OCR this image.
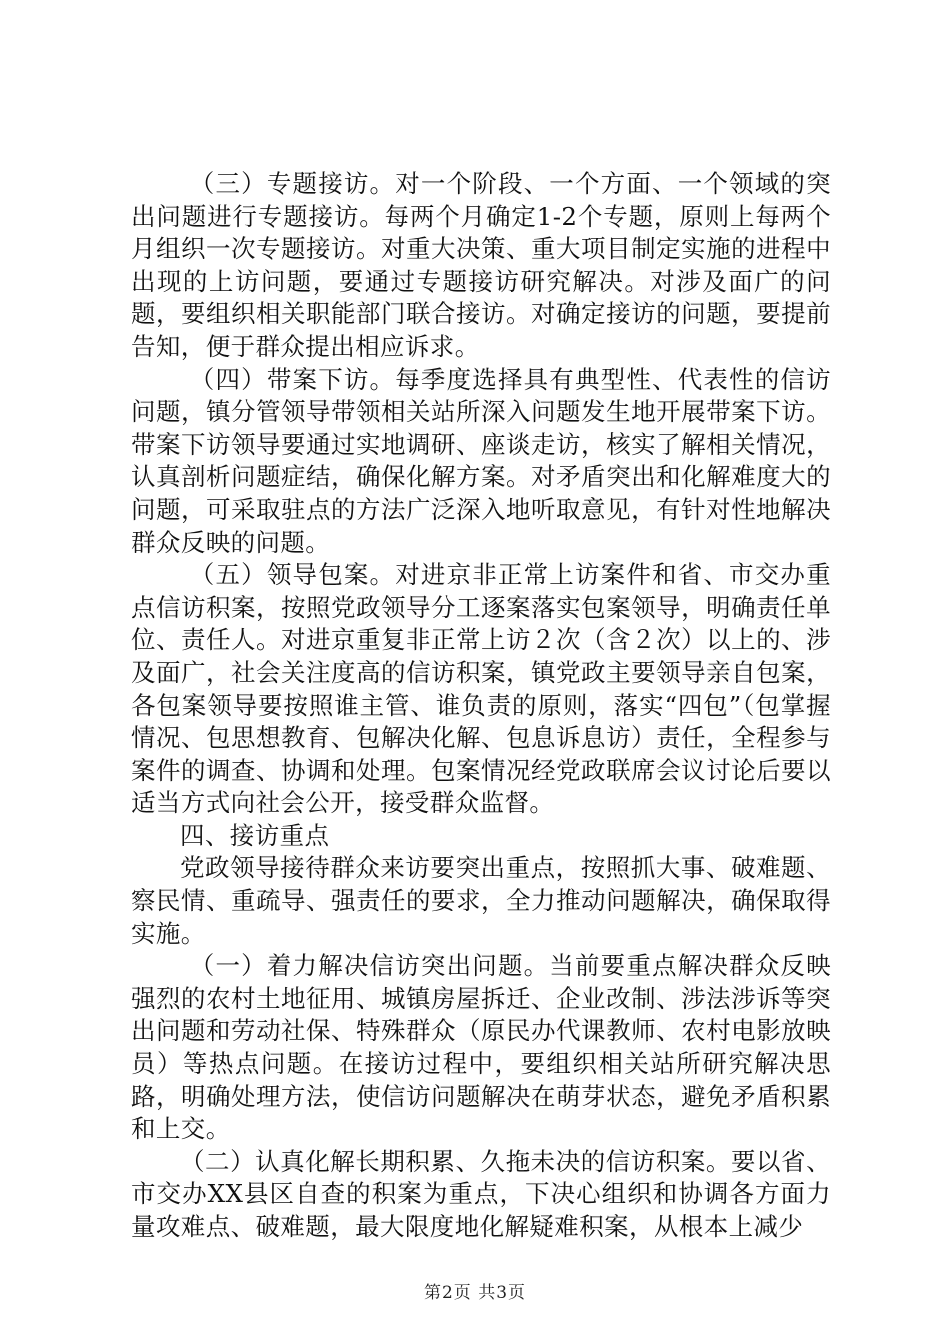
（三）专题接访。对一个阶段、一个方面、一个领域的突出问题进行专题接访。每两个月确定1-2个专题，原则上每两个月组织一次专题接访。对重大决策、重大项目制定实施的进程中出现的上访问题，要通过专题接访研究解决。对涉及面广的问题，要组织相关职能部门联合接访。对确定接访的问题，要提前告知，便于群众提出相应诉求。

（四）带案下访。每季度选择具有典型性、代表性的信访问题，镇分管领导带领相关站所深入问题发生地开展带案下访。带案下访领导要通过实地调研、座谈走访，核实了解相关情况，认真剖析问题症结，确保化解方案。对矛盾突出和化解难度大的问题，可采取驻点的方法广泛深入地听取意见，有针对性地解决群众反映的问题。

（五）领导包案。对进京非正常上访案件和省、市交办重点信访积案，按照党政领导分工逐案落实包案领导，明确责任单位、责任人。对进京重复非正常上访２次（含２次）以上的、涉及面广，社会关注度高的信访积案，镇党政主要领导亲自包案，各包案领导要按照谁主管、谁负责的原则，落实“四包”（包掌握情况、包思想教育、包解决化解、包息诉息访）责任，全程参与案件的调查、协调和处理。包案情况经党政联席会议讨论后要以适当方式向社会公开，接受群众监督。

四、接访重点

党政领导接待群众来访要突出重点，按照抓大事、破难题、察民情、重疏导、强责任的要求，全力推动问题解决，确保取得实施。

（一）着力解决信访突出问题。当前要重点解决群众反映强烈的农村土地征用、城镇房屋拆迁、企业改制、涉法涉诉等突出问题和劳动社保、特殊群众（原民办代课教师、农村电影放映员）等热点问题。在接访过程中，要组织相关站所研究解决思路，明确处理方法，使信访问题解决在萌芽状态，避免矛盾积累和上交。

（二）认真化解长期积累、久拖未决的信访积案。要以省、市交办XX县区自查的积案为重点，下决心组织和协调各方面力量攻难点、破难题，最大限度地化解疑难积案，从根本上减少

第2页 共3页
